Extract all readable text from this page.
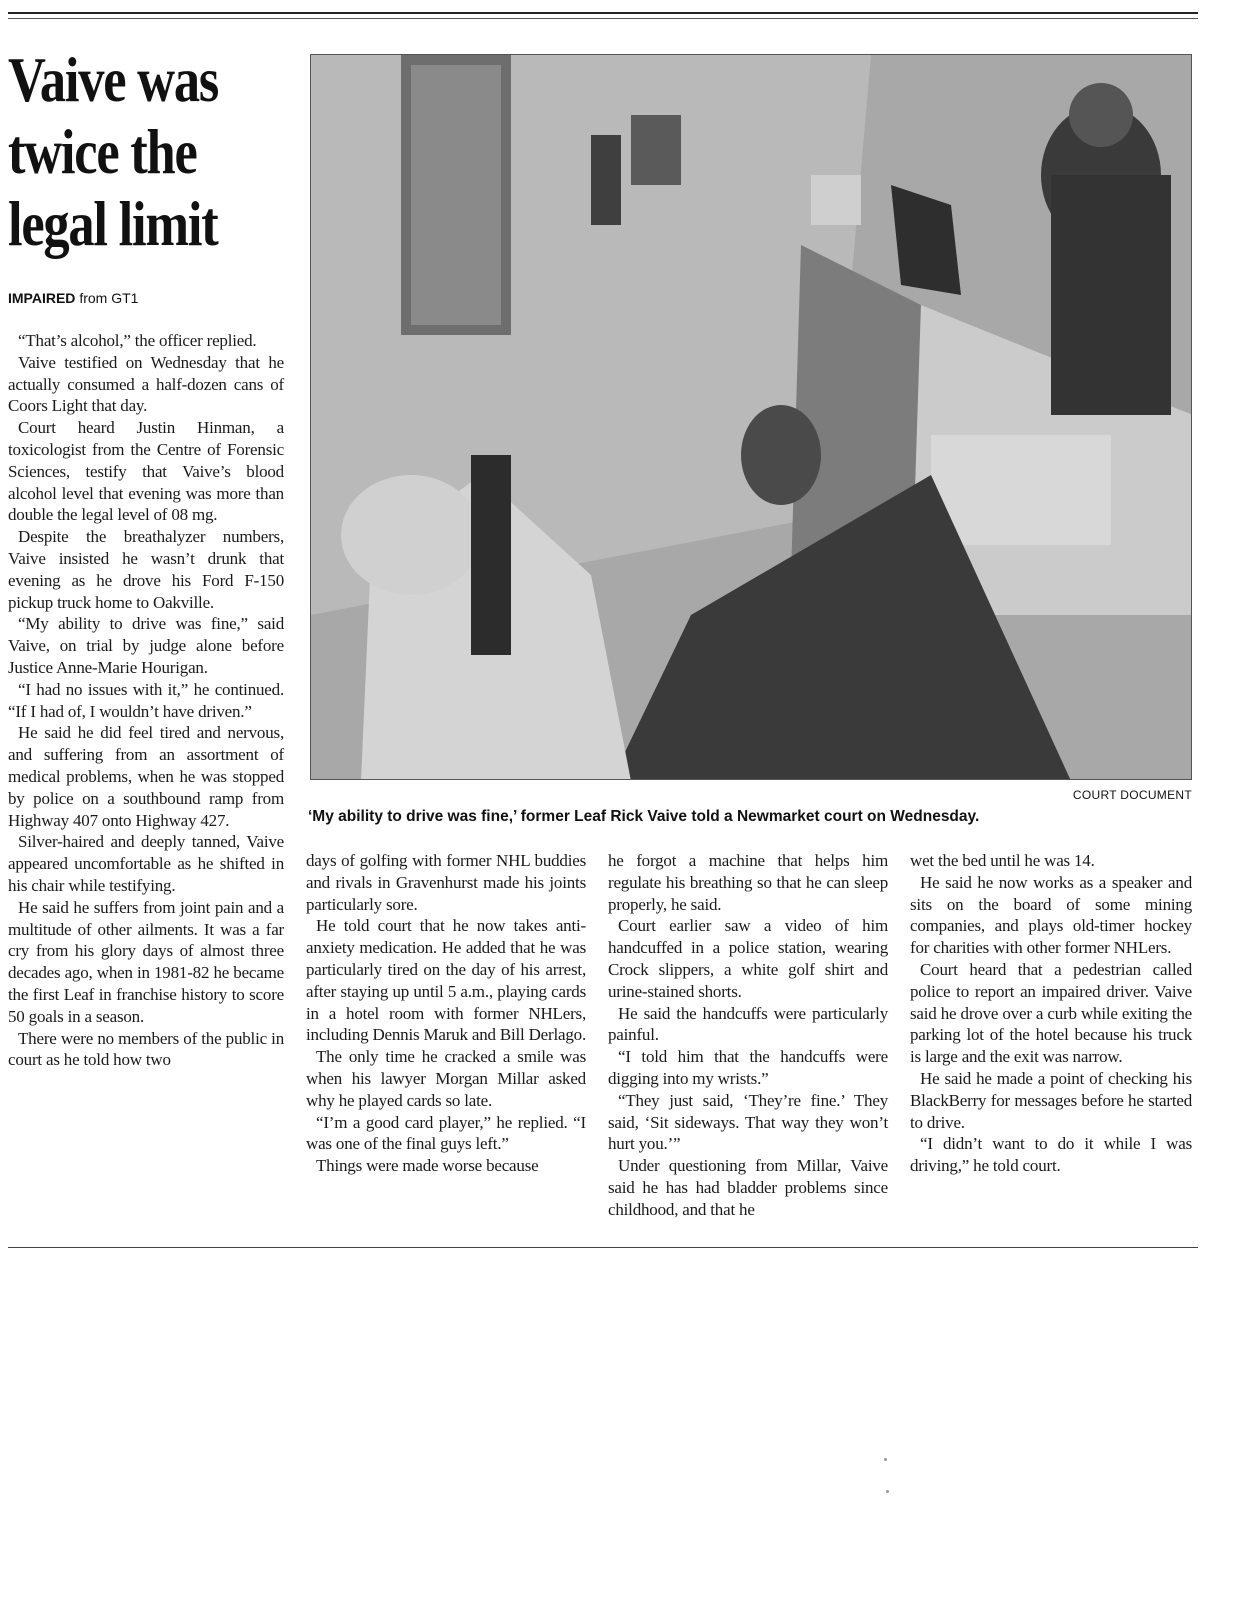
Vaive was
twice the
legal limit
IMPAIRED from GT1

“That’s alcohol,” the officer replied.

Vaive testified on Wednesday that he actually consumed a half-dozen cans of Coors Light that day.

Court heard Justin Hinman, a toxicologist from the Centre of Forensic Sciences, testify that Vaive’s blood alcohol level that evening was more than double the legal level of 08 mg.

Despite the breathalyzer numbers, Vaive insisted he wasn’t drunk that evening as he drove his Ford F-150 pickup truck home to Oakville.

“My ability to drive was fine,” said Vaive, on trial by judge alone before Justice Anne-Marie Hourigan.

“I had no issues with it,” he continued. “If I had of, I wouldn’t have driven.”

He said he did feel tired and nervous, and suffering from an assortment of medical problems, when he was stopped by police on a southbound ramp from Highway 407 onto Highway 427.

Silver-haired and deeply tanned, Vaive appeared uncomfortable as he shifted in his chair while testifying.

He said he suffers from joint pain and a multitude of other ailments. It was a far cry from his glory days of almost three decades ago, when in 1981-82 he became the first Leaf in franchise history to score 50 goals in a season.

There were no members of the public in court as he told how two

COURT DOCUMENT
‘My ability to drive was fine,’ former Leaf Rick Vaive told a Newmarket court on Wednesday.

days of golfing with former NHL buddies and rivals in Gravenhurst made his joints particularly sore.

He told court that he now takes anti-anxiety medication. He added that he was particularly tired on the day of his arrest, after staying up until 5 a.m., playing cards in a hotel room with former NHLers, including Dennis Maruk and Bill Derlago.

The only time he cracked a smile was when his lawyer Morgan Millar asked why he played cards so late.

“I’m a good card player,” he replied. “I was one of the final guys left.”

Things were made worse because

he forgot a machine that helps him regulate his breathing so that he can sleep properly, he said.

Court earlier saw a video of him handcuffed in a police station, wearing Crock slippers, a white golf shirt and urine-stained shorts.

He said the handcuffs were particularly painful.

“I told him that the handcuffs were digging into my wrists.”

“They just said, ‘They’re fine.’ They said, ‘Sit sideways. That way they won’t hurt you.’”

Under questioning from Millar, Vaive said he has had bladder problems since childhood, and that he

wet the bed until he was 14.

He said he now works as a speaker and sits on the board of some mining companies, and plays old-timer hockey for charities with other former NHLers.

Court heard that a pedestrian called police to report an impaired driver. Vaive said he drove over a curb while exiting the parking lot of the hotel because his truck is large and the exit was narrow.

He said he made a point of checking his BlackBerry for messages before he started to drive.

“I didn’t want to do it while I was driving,” he told court.
